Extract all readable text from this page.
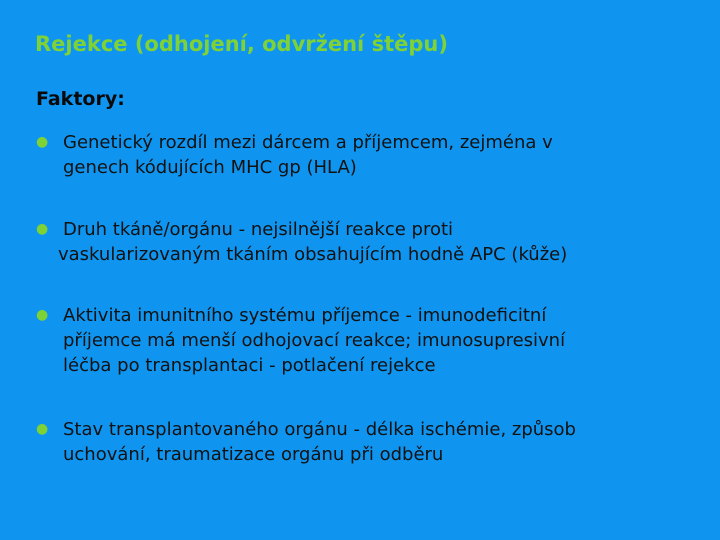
Rejekce (odhojení, odvržení štěpu)
Faktory:
● Genetický rozdíl mezi dárcem a příjemcem, zejména v
genech kódujících MHC gp (HLA)
● Druh tkáně/orgánu - nejsilnější reakce proti
vaskularizovaným tkáním obsahujícím hodně APC (kůže)
● Aktivita imunitního systému příjemce - imunodeficitní
příjemce má menší odhojovací reakce; imunosupresivní
léčba po transplantaci - potlačení rejekce
● Stav transplantovaného orgánu - délka ischémie, způsob
uchování, traumatizace orgánu při odběru
